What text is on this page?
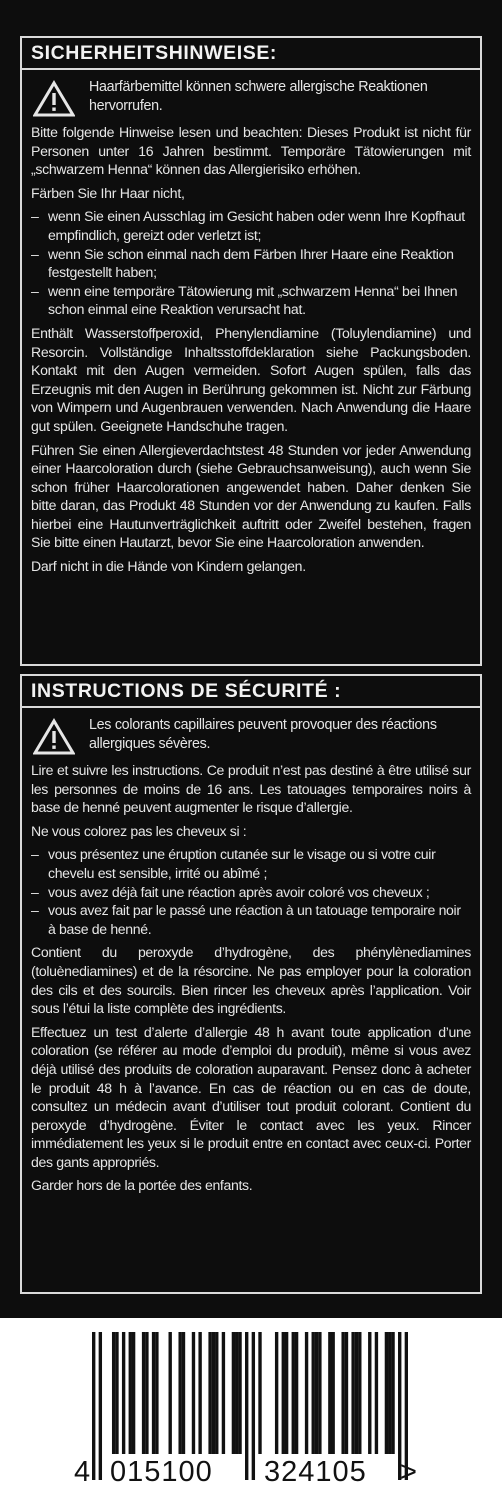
SICHERHEITSHINWEISE:
Haarfärbemittel können schwere allergische Reaktionen hervorrufen.
Bitte folgende Hinweise lesen und beachten: Dieses Produkt ist nicht für Personen unter 16 Jahren bestimmt. Temporäre Tätowierungen mit „schwarzem Henna“ können das Allergierisiko erhöhen.
Färben Sie Ihr Haar nicht,
– wenn Sie einen Ausschlag im Gesicht haben oder wenn Ihre Kopfhaut empfindlich, gereizt oder verletzt ist;
– wenn Sie schon einmal nach dem Färben Ihrer Haare eine Reaktion festgestellt haben;
– wenn eine temporäre Tätowierung mit „schwarzem Henna“ bei Ihnen schon einmal eine Reaktion verursacht hat.
Enthält Wasserstoffperoxid, Phenylendiamine (Toluylendiamine) und Resorcin. Vollständige Inhaltsstoffdeklaration siehe Packungsboden. Kontakt mit den Augen vermeiden. Sofort Augen spülen, falls das Erzeugnis mit den Augen in Berührung gekommen ist. Nicht zur Färbung von Wimpern und Augenbrauen verwenden. Nach Anwendung die Haare gut spülen. Geeignete Handschuhe tragen.
Führen Sie einen Allergieverdachtstest 48 Stunden vor jeder Anwendung einer Haarcoloration durch (siehe Gebrauchsanweisung), auch wenn Sie schon früher Haarcolorationen angewendet haben. Daher denken Sie bitte daran, das Produkt 48 Stunden vor der Anwendung zu kaufen. Falls hierbei eine Hautunverträglichkeit auftritt oder Zweifel bestehen, fragen Sie bitte einen Hautarzt, bevor Sie eine Haarcoloration anwenden.
Darf nicht in die Hände von Kindern gelangen.
INSTRUCTIONS DE SÉCURITÉ :
Les colorants capillaires peuvent provoquer des réactions allergiques sévères.
Lire et suivre les instructions. Ce produit n’est pas destiné à être utilisé sur les personnes de moins de 16 ans. Les tatouages temporaires noirs à base de henné peuvent augmenter le risque d’allergie.
Ne vous colorez pas les cheveux si :
– vous présentez une éruption cutanée sur le visage ou si votre cuir chevelu est sensible, irrité ou abîmé ;
– vous avez déjà fait une réaction après avoir coloré vos cheveux ;
– vous avez fait par le passé une réaction à un tatouage temporaire noir à base de henné.
Contient du peroxyde d’hydrogène, des phénylènediamines (toluènediamines) et de la résorcine. Ne pas employer pour la coloration des cils et des sourcils. Bien rincer les cheveux après l’application. Voir sous l’étui la liste complète des ingrédients.
Effectuez un test d’alerte d’allergie 48 h avant toute application d’une coloration (se référer au mode d’emploi du produit), même si vous avez déjà utilisé des produits de coloration auparavant. Pensez donc à acheter le produit 48 h à l’avance. En cas de réaction ou en cas de doute, consultez un médecin avant d’utiliser tout produit colorant. Contient du peroxyde d’hydrogène. Éviter le contact avec les yeux. Rincer immédiatement les yeux si le produit entre en contact avec ceux-ci. Porter des gants appropriés.
Garder hors de la portée des enfants.
4 015100 324105 >
